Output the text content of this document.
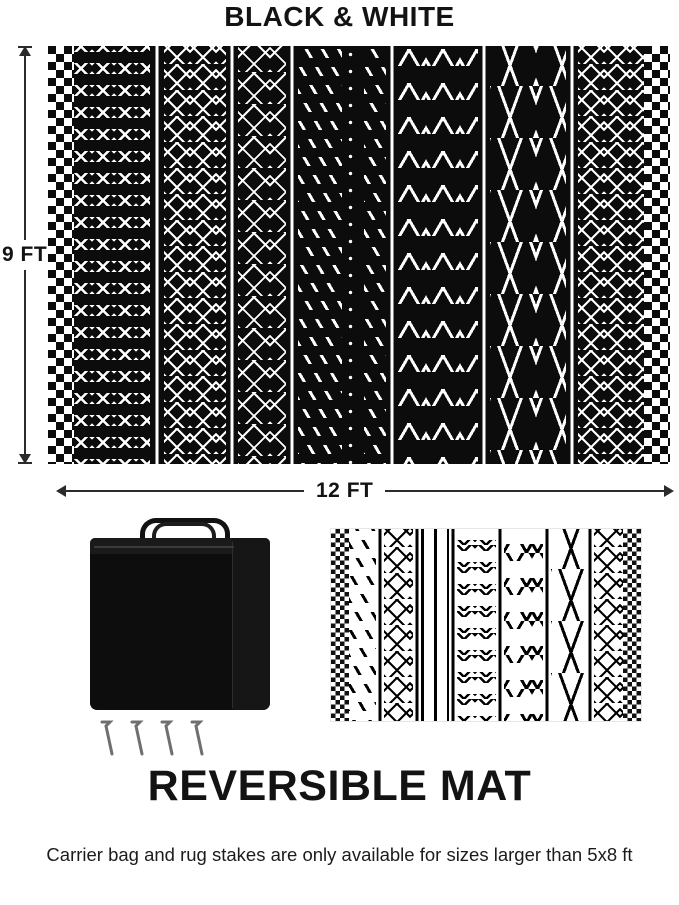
BLACK & WHITE
9 FT
12 FT
REVERSIBLE MAT
Carrier bag and rug stakes are only available for sizes larger than 5x8 ft
